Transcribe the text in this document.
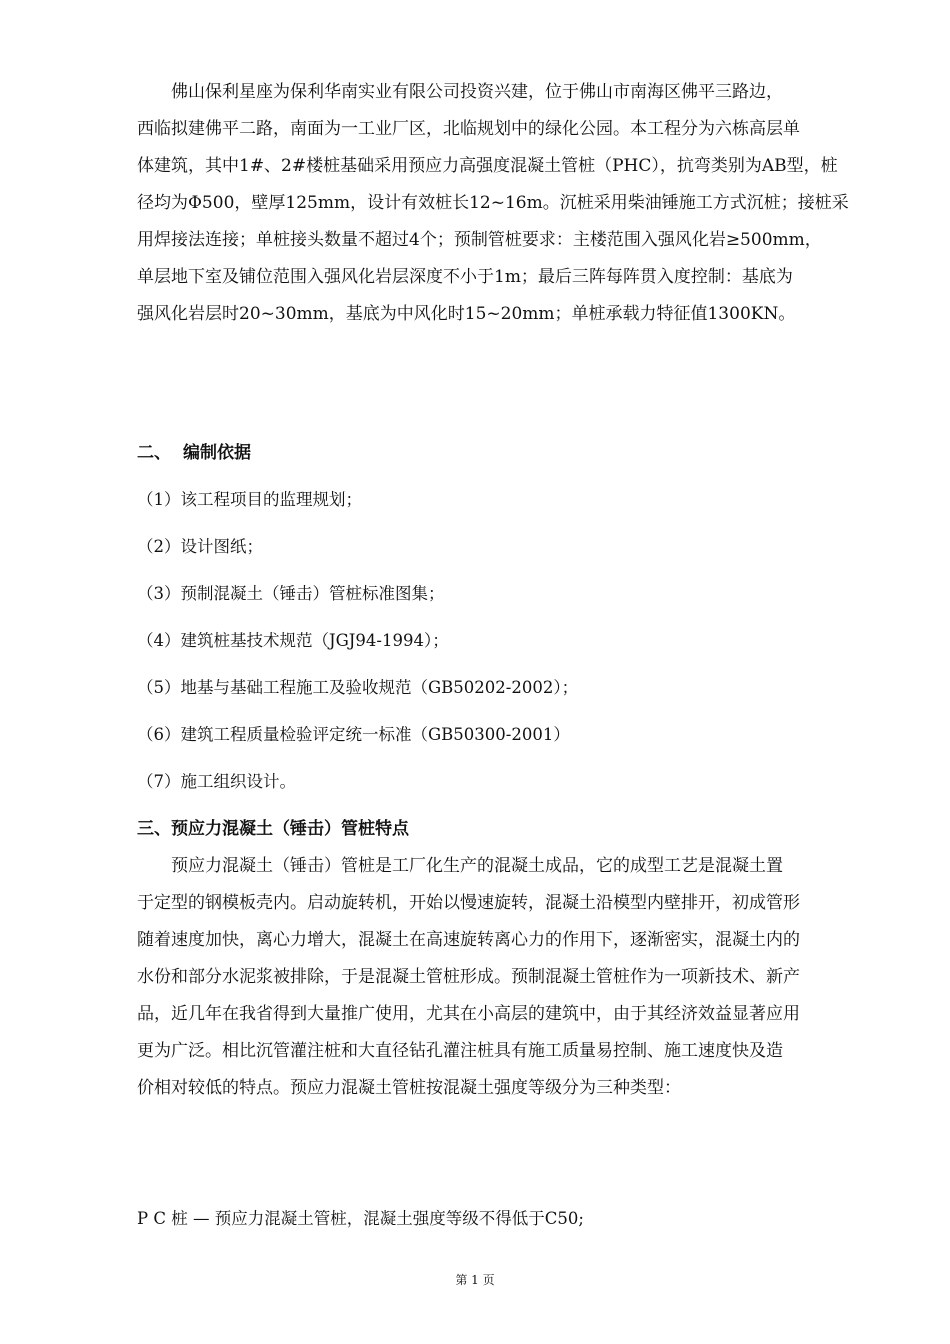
佛山保利星座为保利华南实业有限公司投资兴建，位于佛山市南海区佛平三路边，
西临拟建佛平二路，南面为一工业厂区，北临规划中的绿化公园。本工程分为六栋高层单
体建筑，其中1#、2#楼桩基础采用预应力高强度混凝土管桩（PHC），抗弯类别为AB型，桩
径均为Φ500，壁厚125mm，设计有效桩长12~16m。沉桩采用柴油锤施工方式沉桩；接桩采
用焊接法连接；单桩接头数量不超过4个；预制管桩要求：主楼范围入强风化岩≥500mm，
单层地下室及铺位范围入强风化岩层深度不小于1m；最后三阵每阵贯入度控制：基底为
强风化岩层时20~30mm，基底为中风化时15~20mm；单桩承载力特征值1300KN。
二、 编制依据
（1）该工程项目的监理规划；
（2）设计图纸；
（3）预制混凝土（锤击）管桩标准图集；
（4）建筑桩基技术规范（JGJ94-1994）；
（5）地基与基础工程施工及验收规范（GB50202-2002）；
（6）建筑工程质量检验评定统一标准（GB50300-2001）
（7）施工组织设计。
三、预应力混凝土（锤击）管桩特点
预应力混凝土（锤击）管桩是工厂化生产的混凝土成品，它的成型工艺是混凝土置
于定型的钢模板壳内。启动旋转机，开始以慢速旋转，混凝土沿模型内壁排开，初成管形
随着速度加快，离心力增大，混凝土在高速旋转离心力的作用下，逐渐密实，混凝土内的
水份和部分水泥浆被排除，于是混凝土管桩形成。预制混凝土管桩作为一项新技术、新产
品，近几年在我省得到大量推广使用，尤其在小高层的建筑中，由于其经济效益显著应用
更为广泛。相比沉管灌注桩和大直径钻孔灌注桩具有施工质量易控制、施工速度快及造
价相对较低的特点。预应力混凝土管桩按混凝土强度等级分为三种类型：
P C 桩 — 预应力混凝土管桩，混凝土强度等级不得低于C50;
第 1 页
